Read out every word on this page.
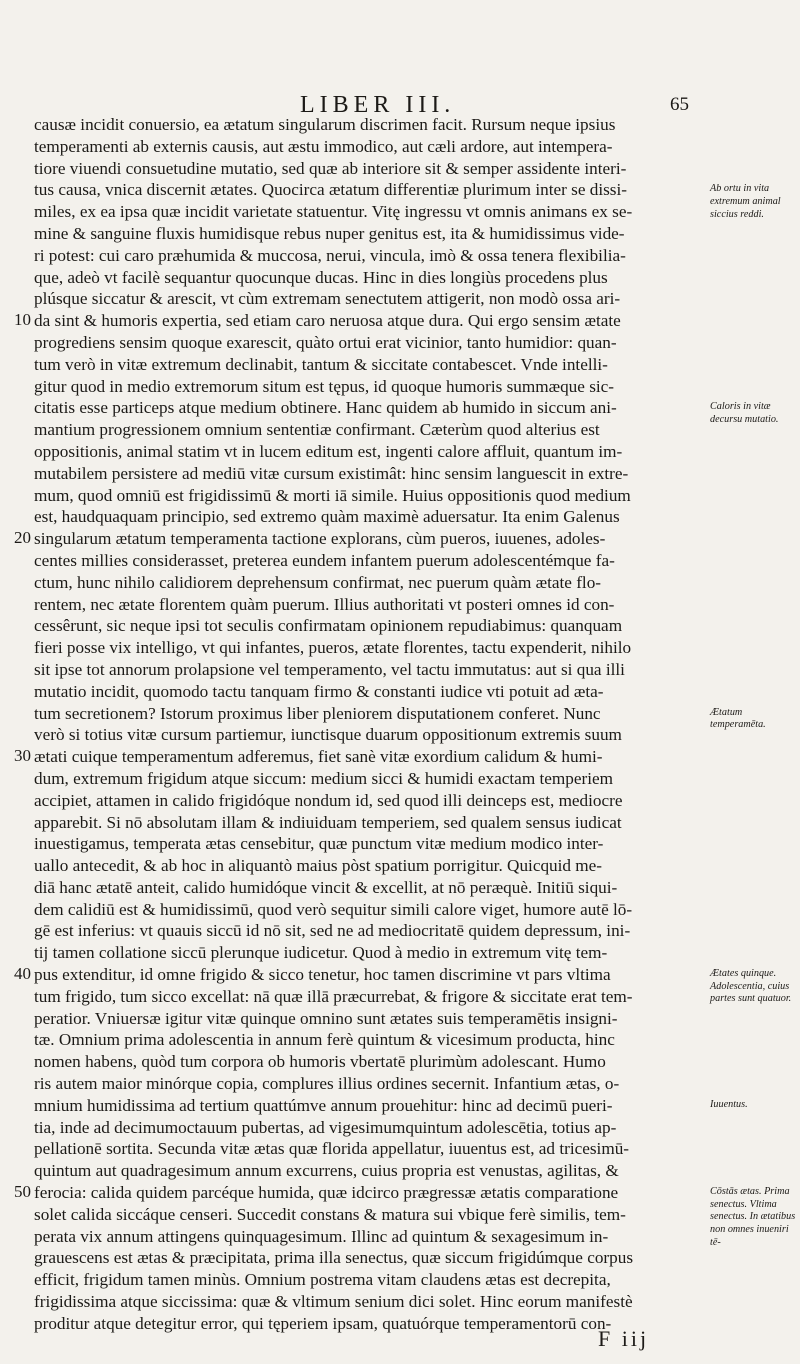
LIBER III.	65
10
20
30
40
50
causæ incidit conuersio, ea ætatum singularum discrimen facit. Rursum neque ipsius
temperamenti ab externis causis, aut æstu immodico, aut cæli ardore, aut intempera-
tiore viuendi consuetudine mutatio, sed quæ ab interiore sit & semper assidente interi-
tus causa, vnica discernit ætates. Quocirca ætatum differentiæ plurimum inter se dissi-
miles, ex ea ipsa quæ incidit varietate statuentur. Vitę ingressu vt omnis animans ex se-
mine & sanguine fluxis humidisque rebus nuper genitus est, ita & humidissimus vide-
ri potest: cui caro præhumida & muccosa, nerui, vincula, imò & ossa tenera flexibilia-
que, adeò vt facilè sequantur quocunque ducas. Hinc in dies longiùs procedens plus
plúsque siccatur & arescit, vt cùm extremam senectutem attigerit, non modò ossa ari-
da sint & humoris expertia, sed etiam caro neruosa atque dura. Qui ergo sensim ætate
progrediens sensim quoque exarescit, quàto ortui erat vicinior, tanto humidior: quan-
tum verò in vitæ extremum declinabit, tantum & siccitate contabescet. Vnde intelli-
gitur quod in medio extremorum situm est tępus, id quoque humoris summæque sic-
citatis esse particeps atque medium obtinere. Hanc quidem ab humido in siccum ani-
mantium progressionem omnium sententiæ confirmant. Cæterùm quod alterius est
oppositionis, animal statim vt in lucem editum est, ingenti calore affluit, quantum im-
mutabilem persistere ad mediū vitæ cursum existimât: hinc sensim languescit in extre-
mum, quod omniū est frigidissimū & morti iā simile. Huius oppositionis quod medium
est, haudquaquam principio, sed extremo quàm maximè aduersatur. Ita enim Galenus
singularum ætatum temperamenta tactione explorans, cùm pueros, iuuenes, adoles-
centes millies considerasset, preterea eundem infantem puerum adolescentémque fa-
ctum, hunc nihilo calidiorem deprehensum confirmat, nec puerum quàm ætate flo-
rentem, nec ætate florentem quàm puerum. Illius authoritati vt posteri omnes id con-
cessêrunt, sic neque ipsi tot seculis confirmatam opinionem repudiabimus: quanquam
fieri posse vix intelligo, vt qui infantes, pueros, ætate florentes, tactu expenderit, nihilo
sit ipse tot annorum prolapsione vel temperamento, vel tactu immutatus: aut si qua illi
mutatio incidit, quomodo tactu tanquam firmo & constanti iudice vti potuit ad æta-
tum secretionem? Istorum proximus liber pleniorem disputationem conferet. Nunc
verò si totius vitæ cursum partiemur, iunctisque duarum oppositionum extremis suum
ætati cuique temperamentum adferemus, fiet sanè vitæ exordium calidum & humi-
dum, extremum frigidum atque siccum: medium sicci & humidi exactam temperiem
accipiet, attamen in calido frigidóque nondum id, sed quod illi deinceps est, mediocre
apparebit. Si nō absolutam illam & indiuiduam temperiem, sed qualem sensus iudicat
inuestigamus, temperata ætas censebitur, quæ punctum vitæ medium modico inter-
uallo antecedit, & ab hoc in aliquantò maius pòst spatium porrigitur. Quicquid me-
diā hanc ætatē anteit, calido humidóque vincit & excellit, at nō peræquè. Initiū siqui-
dem calidiū est & humidissimū, quod verò sequitur simili calore viget, humore autē lō-
gē est inferius: vt quauis siccū id nō sit, sed ne ad mediocritatē quidem depressum, ini-
tij tamen collatione siccū plerunque iudicetur. Quod à medio in extremum vitę tem-
pus extenditur, id omne frigido & sicco tenetur, hoc tamen discrimine vt pars vltima
tum frigido, tum sicco excellat: nā quæ illā præcurrebat, & frigore & siccitate erat tem-
peratior. Vniuersæ igitur vitæ quinque omnino sunt ætates suis temperamētis insigni-
tæ. Omnium prima adolescentia in annum ferè quintum & vicesimum producta, hinc
nomen habens, quòd tum corpora ob humoris vbertatē plurimùm adolescant. Humo
ris autem maior minórque copia, complures illius ordines secernit. Infantium ætas, o-
mnium humidissima ad tertium quattúmve annum prouehitur: hinc ad decimū pueri-
tia, inde ad decimumoctauum pubertas, ad vigesimumquintum adolescētia, totius ap-
pellationē sortita. Secunda vitæ ætas quæ florida appellatur, iuuentus est, ad tricesimū-
quintum aut quadragesimum annum excurrens, cuius propria est venustas, agilitas, &
ferocia: calida quidem parcéque humida, quæ idcirco prægressæ ætatis comparatione
solet calida siccáque censeri. Succedit constans & matura sui vbique ferè similis, tem-
perata vix annum attingens quinquagesimum. Illinc ad quintum & sexagesimum in-
grauescens est ætas & præcipitata, prima illa senectus, quæ siccum frigidúmque corpus
efficit, frigidum tamen minùs. Omnium postrema vitam claudens ætas est decrepita,
frigidissima atque siccissima: quæ & vltimum senium dici solet. Hinc eorum manifestè
proditur atque detegitur error, qui tęperiem ipsam, quatuórque temperamentorū con-
Ab ortu in vita extremum animal siccius reddi.
Caloris in vitæ decursu mutatio.
Ætatum temperamēta.
Ætates quinque. Adolescentia, cuius partes sunt quatuor.
Iuuentus.
Cōstās ætas. Prima senectus. Vltima senectus. In ætatibus non omnes inueniri tē-
F iij
